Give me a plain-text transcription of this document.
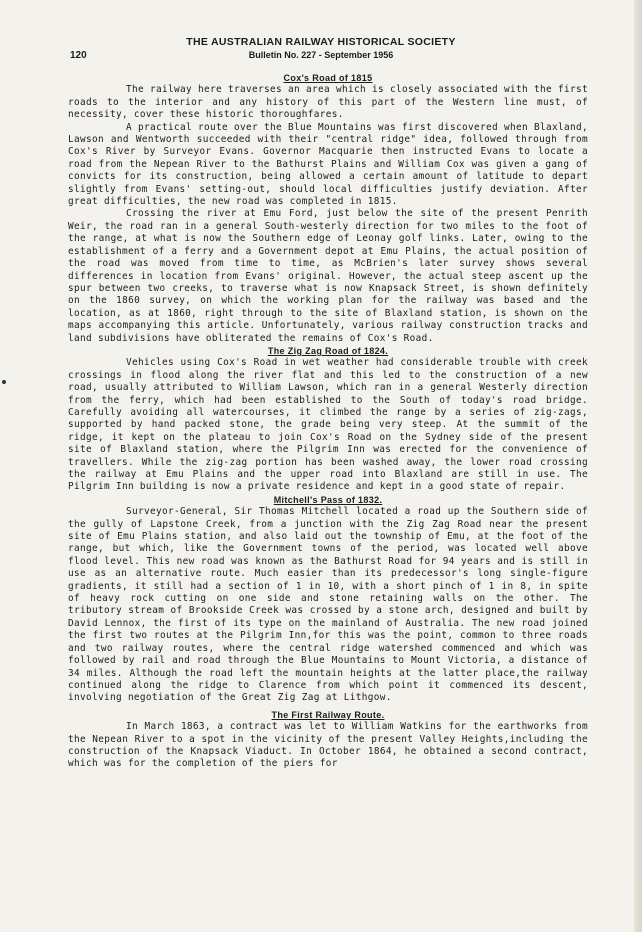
THE AUSTRALIAN RAILWAY HISTORICAL SOCIETY
120	Bulletin No. 227 - September 1956
Cox's Road of 1815

The railway here traverses an area which is closely associated with the first roads to the interior and any history of this part of the Western line must, of necessity, cover these historic thoroughfares.

A practical route over the Blue Mountains was first discovered when Blaxland, Lawson and Wentworth succeeded with their "central ridge" idea, followed through from Cox's River by Surveyor Evans. Governor Macquarie then instructed Evans to locate a road from the Nepean River to the Bathurst Plains and William Cox was given a gang of convicts for its construction, being allowed a certain amount of latitude to depart slightly from Evans' setting-out, should local difficulties justify deviation. After great difficulties, the new road was completed in 1815.

Crossing the river at Emu Ford, just below the site of the present Penrith Weir, the road ran in a general South-westerly direction for two miles to the foot of the range, at what is now the Southern edge of Leonay golf links. Later, owing to the establishment of a ferry and a Government depot at Emu Plains, the actual position of the road was moved from time to time, as McBrien's later survey shows several differences in location from Evans' original. However, the actual steep ascent up the spur between two creeks, to traverse what is now Knapsack Street, is shown definitely on the 1860 survey, on which the working plan for the railway was based and the location, as at 1860, right through to the site of Blaxland station, is shown on the maps accompanying this article. Unfortunately, various railway construction tracks and land subdivisions have obliterated the remains of Cox's Road.

The Zig Zag Road of 1824.

Vehicles using Cox's Road in wet weather had considerable trouble with creek crossings in flood along the river flat and this led to the construction of a new road, usually attributed to William Lawson, which ran in a general Westerly direction from the ferry, which had been established to the South of today's road bridge. Carefully avoiding all watercourses, it climbed the range by a series of zig-zags, supported by hand packed stone, the grade being very steep. At the summit of the ridge, it kept on the plateau to join Cox's Road on the Sydney side of the present site of Blaxland station, where the Pilgrim Inn was erected for the convenience of travellers. While the zig-zag portion has been washed away, the lower road crossing the railway at Emu Plains and the upper road into Blaxland are still in use. The Pilgrim Inn building is now a private residence and kept in a good state of repair.

Mitchell's Pass of 1832.

Surveyor-General, Sir Thomas Mitchell located a road up the Southern side of the gully of Lapstone Creek, from a junction with the Zig Zag Road near the present site of Emu Plains station, and also laid out the township of Emu, at the foot of the range, but which, like the Government towns of the period, was located well above flood level. This new road was known as the Bathurst Road for 94 years and is still in use as an alternative route. Much easier than its predecessor's long single-figure gradients, it still had a section of 1 in 10, with a short pinch of 1 in 8, in spite of heavy rock cutting on one side and stone retaining walls on the other. The tributory stream of Brookside Creek was crossed by a stone arch, designed and built by David Lennox, the first of its type on the mainland of Australia. The new road joined the first two routes at the Pilgrim Inn,for this was the point, common to three roads and two railway routes, where the central ridge watershed commenced and which was followed by rail and road through the Blue Mountains to Mount Victoria, a distance of 34 miles. Although the road left the mountain heights at the latter place,the railway continued along the ridge to Clarence from which point it commenced its descent, involving negotiation of the Great Zig Zag at Lithgow.

The First Railway Route.

In March 1863, a contract was let to William Watkins for the earthworks from the Nepean River to a spot in the vicinity of the present Valley Heights,including the construction of the Knapsack Viaduct. In October 1864, he obtained a second contract, which was for the completion of the piers for
